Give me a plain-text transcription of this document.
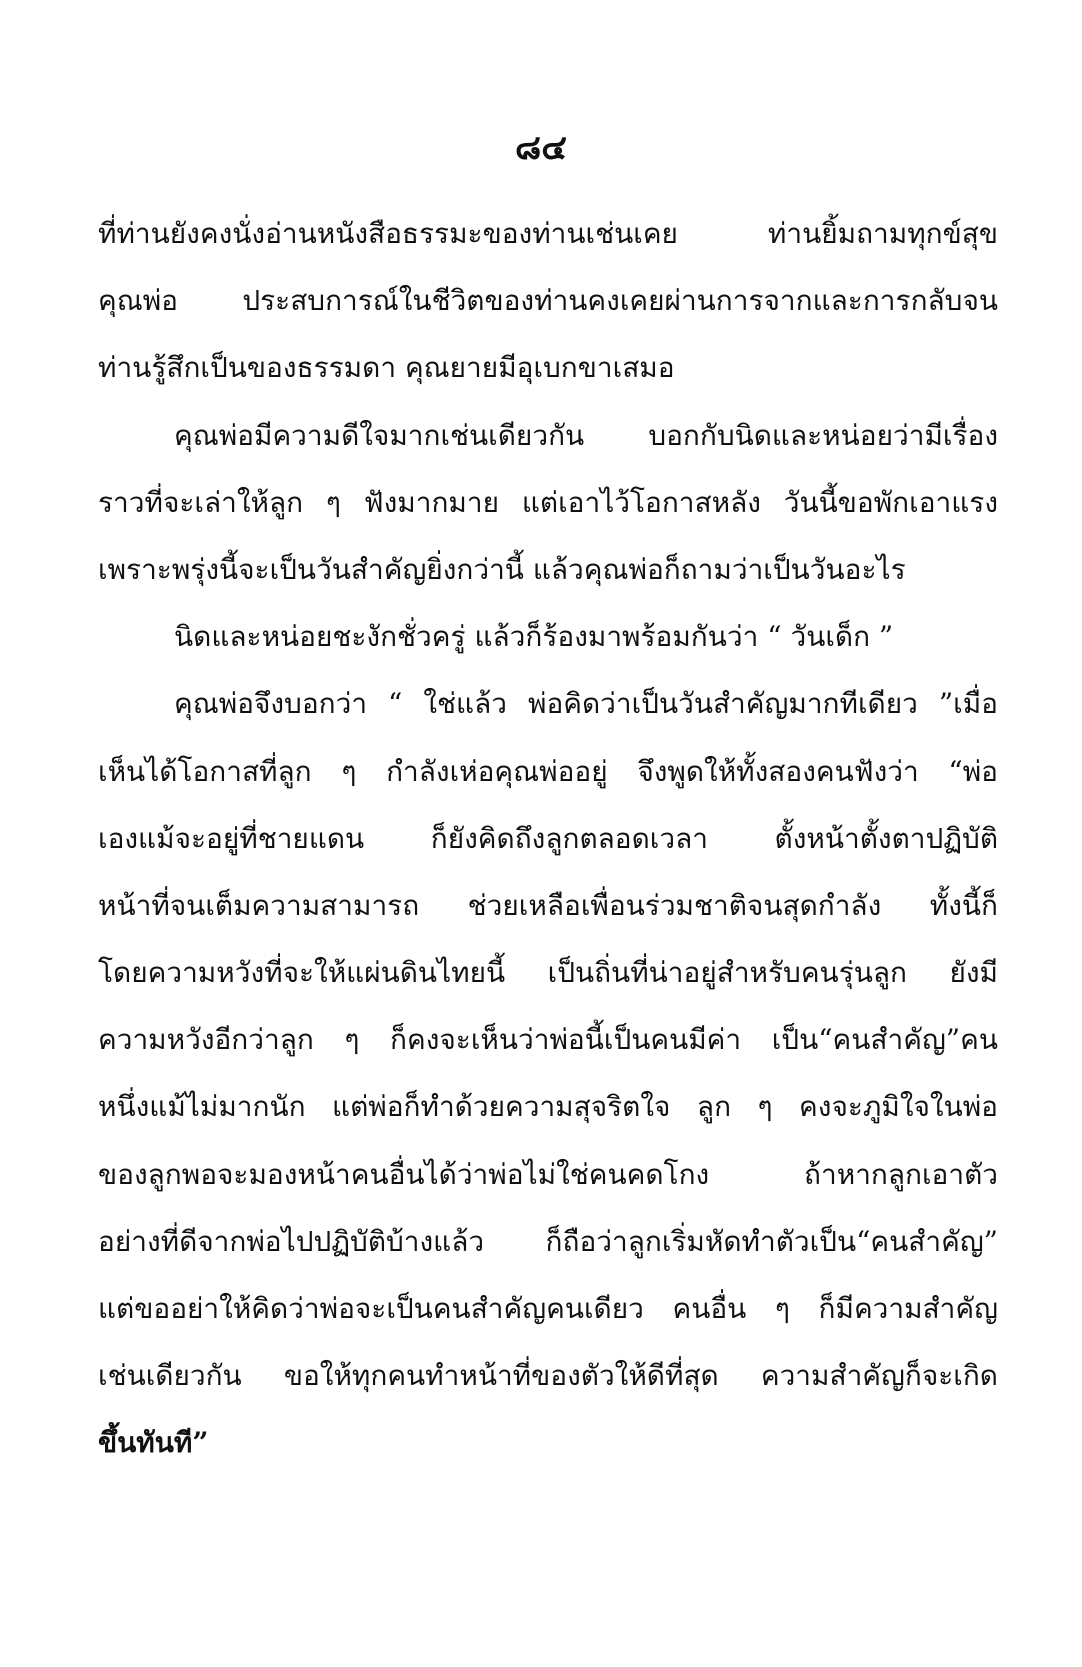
๘๔
ที่ท่านยังคงนั่งอ่านหนังสือธรรมะของท่านเช่นเคย ท่านยิ้มถามทุกข์สุข
คุณพ่อ ประสบการณ์ในชีวิตของท่านคงเคยผ่านการจากและการกลับจน
ท่านรู้สึกเป็นของธรรมดา คุณยายมีอุเบกขาเสมอ
คุณพ่อมีความดีใจมากเช่นเดียวกัน บอกกับนิดและหน่อยว่ามีเรื่อง
ราวที่จะเล่าให้ลูก ๆ ฟังมากมาย แต่เอาไว้โอกาสหลัง วันนี้ขอพักเอาแรง
เพราะพรุ่งนี้จะเป็นวันสำคัญยิ่งกว่านี้ แล้วคุณพ่อก็ถามว่าเป็นวันอะไร
นิดและหน่อยชะงักชั่วครู่ แล้วก็ร้องมาพร้อมกันว่า “ วันเด็ก ”
คุณพ่อจึงบอกว่า “ ใช่แล้ว พ่อคิดว่าเป็นวันสำคัญมากทีเดียว ”เมื่อ
เห็นได้โอกาสที่ลูก ๆ กำลังเห่อคุณพ่ออยู่ จึงพูดให้ทั้งสองคนฟังว่า “พ่อ
เองแม้จะอยู่ที่ชายแดน ก็ยังคิดถึงลูกตลอดเวลา ตั้งหน้าตั้งตาปฏิบัติ
หน้าที่จนเต็มความสามารถ ช่วยเหลือเพื่อนร่วมชาติจนสุดกำลัง ทั้งนี้ก็
โดยความหวังที่จะให้แผ่นดินไทยนี้ เป็นถิ่นที่น่าอยู่สำหรับคนรุ่นลูก ยังมี
ความหวังอีกว่าลูก ๆ ก็คงจะเห็นว่าพ่อนี้เป็นคนมีค่า เป็น“คนสำคัญ”คน
หนึ่งแม้ไม่มากนัก แต่พ่อก็ทำด้วยความสุจริตใจ ลูก ๆ คงจะภูมิใจในพ่อ
ของลูกพอจะมองหน้าคนอื่นได้ว่าพ่อไม่ใช่คนคดโกง ถ้าหากลูกเอาตัว
อย่างที่ดีจากพ่อไปปฏิบัติบ้างแล้ว ก็ถือว่าลูกเริ่มหัดทำตัวเป็น“คนสำคัญ”
แต่ขออย่าให้คิดว่าพ่อจะเป็นคนสำคัญคนเดียว คนอื่น ๆ ก็มีความสำคัญ
เช่นเดียวกัน ขอให้ทุกคนทำหน้าที่ของตัวให้ดีที่สุด ความสำคัญก็จะเกิด
ขึ้นทันที”
